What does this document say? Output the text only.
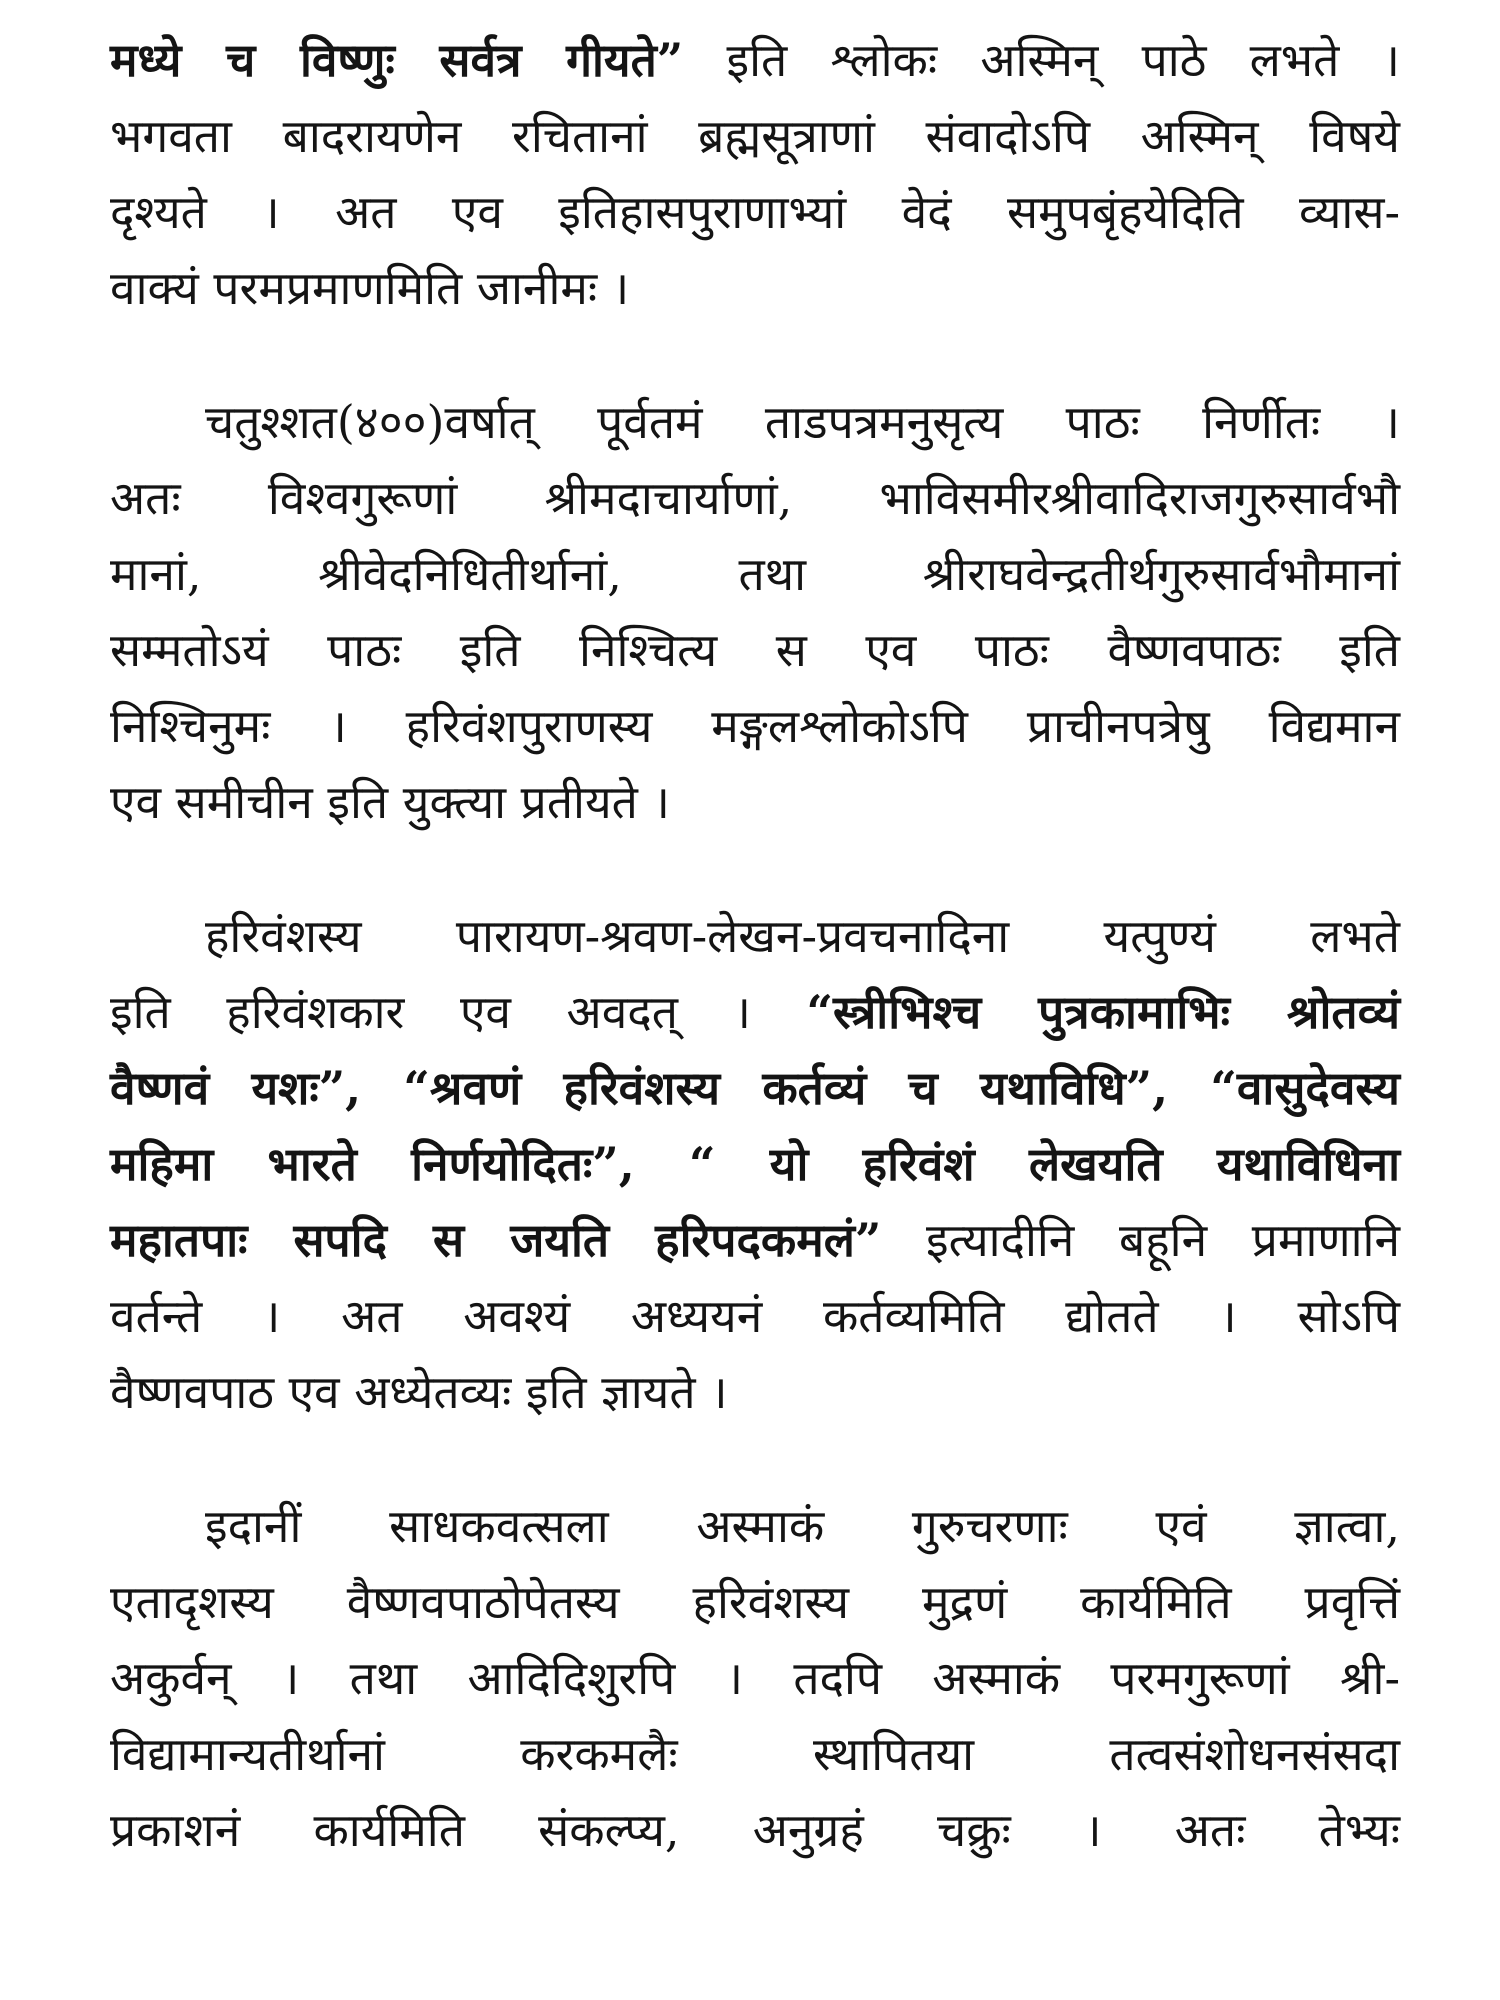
मध्ये च विष्णुः सर्वत्र गीयते” इति श्लोकः अस्मिन् पाठे लभते ।
भगवता बादरायणेन रचितानां ब्रह्मसूत्राणां संवादोऽपि अस्मिन् विषये
दृश्यते । अत एव इतिहासपुराणाभ्यां वेदं समुपबृंहयेदिति व्यास-
वाक्यं परमप्रमाणमिति जानीमः ।
चतुश्शत(४००)वर्षात् पूर्वतमं ताडपत्रमनुसृत्य पाठः निर्णीतः ।
अतः विश्वगुरूणां श्रीमदाचार्याणां, भाविसमीरश्रीवादिराजगुरुसार्वभौ
मानां, श्रीवेदनिधितीर्थानां, तथा श्रीराघवेन्द्रतीर्थगुरुसार्वभौमानां
सम्मतोऽयं पाठः इति निश्चित्य स एव पाठः वैष्णवपाठः इति
निश्चिनुमः । हरिवंशपुराणस्य मङ्गलश्लोकोऽपि प्राचीनपत्रेषु विद्यमान
एव समीचीन इति युक्त्या प्रतीयते ।
हरिवंशस्य पारायण-श्रवण-लेखन-प्रवचनादिना यत्पुण्यं लभते
इति हरिवंशकार एव अवदत् । “स्त्रीभिश्च पुत्रकामाभिः श्रोतव्यं
वैष्णवं यशः”, “श्रवणं हरिवंशस्य कर्तव्यं च यथाविधि”, “वासुदेवस्य
महिमा भारते निर्णयोदितः”, “ यो हरिवंशं लेखयति यथाविधिना
महातपाः सपदि स जयति हरिपदकमलं” इत्यादीनि बहूनि प्रमाणानि
वर्तन्ते । अत अवश्यं अध्ययनं कर्तव्यमिति द्योतते । सोऽपि
वैष्णवपाठ एव अध्येतव्यः इति ज्ञायते ।
इदानीं साधकवत्सला अस्माकं गुरुचरणाः एवं ज्ञात्वा,
एतादृशस्य वैष्णवपाठोपेतस्य हरिवंशस्य मुद्रणं कार्यमिति प्रवृत्तिं
अकुर्वन् । तथा आदिदिशुरपि । तदपि अस्माकं परमगुरूणां श्री-
विद्यामान्यतीर्थानां करकमलैः स्थापितया तत्वसंशोधनसंसदा
प्रकाशनं कार्यमिति संकल्प्य, अनुग्रहं चक्रुः । अतः तेभ्यः
